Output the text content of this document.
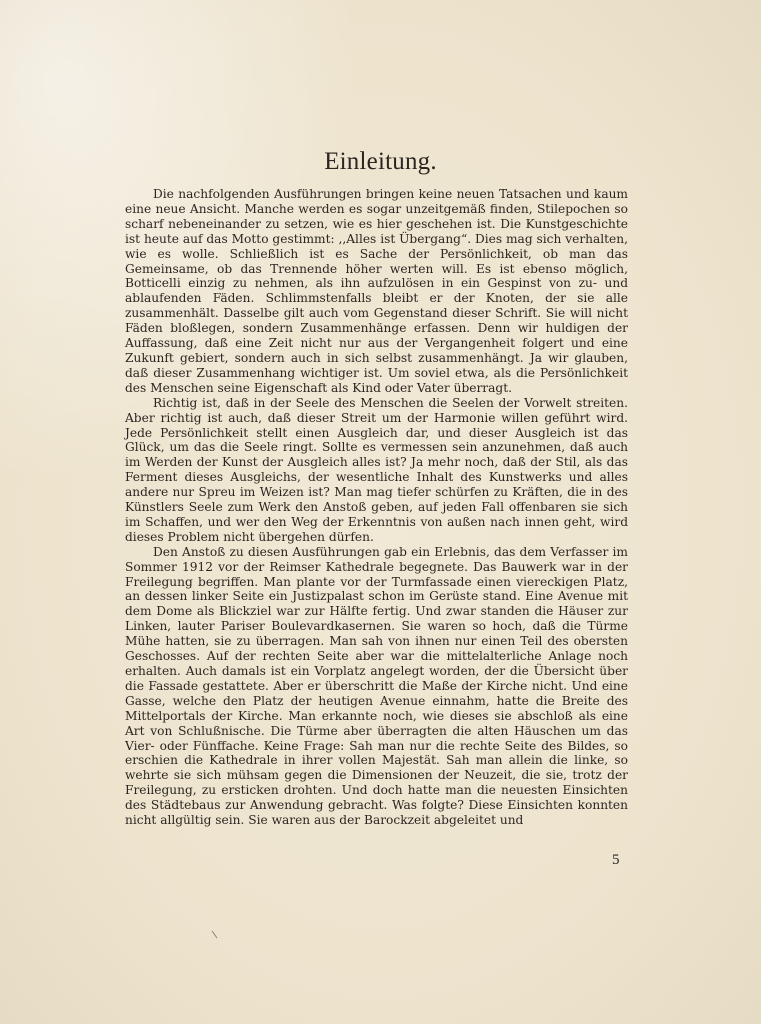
Einleitung.

Die nachfolgenden Ausführungen bringen keine neuen Tatsachen und kaum eine neue Ansicht. Manche werden es sogar unzeitgemäß finden, Stilepochen so scharf nebeneinander zu setzen, wie es hier geschehen ist. Die Kunstgeschichte ist heute auf das Motto gestimmt: ,,Alles ist Übergang“. Dies mag sich verhalten, wie es wolle. Schließlich ist es Sache der Persönlichkeit, ob man das Gemeinsame, ob das Trennende höher werten will. Es ist ebenso möglich, Botticelli einzig zu nehmen, als ihn aufzulösen in ein Gespinst von zu- und ablaufenden Fäden. Schlimmstenfalls bleibt er der Knoten, der sie alle zusammenhält. Dasselbe gilt auch vom Gegenstand dieser Schrift. Sie will nicht Fäden bloßlegen, sondern Zusammenhänge erfassen. Denn wir huldigen der Auffassung, daß eine Zeit nicht nur aus der Vergangenheit folgert und eine Zukunft gebiert, sondern auch in sich selbst zusammenhängt. Ja wir glauben, daß dieser Zusammenhang wichtiger ist. Um soviel etwa, als die Persönlichkeit des Menschen seine Eigenschaft als Kind oder Vater überragt.

Richtig ist, daß in der Seele des Menschen die Seelen der Vorwelt streiten. Aber richtig ist auch, daß dieser Streit um der Harmonie willen geführt wird. Jede Persönlichkeit stellt einen Ausgleich dar, und dieser Ausgleich ist das Glück, um das die Seele ringt. Sollte es vermessen sein anzunehmen, daß auch im Werden der Kunst der Ausgleich alles ist? Ja mehr noch, daß der Stil, als das Ferment dieses Ausgleichs, der wesentliche Inhalt des Kunstwerks und alles andere nur Spreu im Weizen ist? Man mag tiefer schürfen zu Kräften, die in des Künstlers Seele zum Werk den Anstoß geben, auf jeden Fall offenbaren sie sich im Schaffen, und wer den Weg der Erkenntnis von außen nach innen geht, wird dieses Problem nicht übergehen dürfen.

Den Anstoß zu diesen Ausführungen gab ein Erlebnis, das dem Verfasser im Sommer 1912 vor der Reimser Kathedrale begegnete. Das Bauwerk war in der Freilegung begriffen. Man plante vor der Turmfassade einen viereckigen Platz, an dessen linker Seite ein Justizpalast schon im Gerüste stand. Eine Avenue mit dem Dome als Blickziel war zur Hälfte fertig. Und zwar standen die Häuser zur Linken, lauter Pariser Boulevardkasernen. Sie waren so hoch, daß die Türme Mühe hatten, sie zu überragen. Man sah von ihnen nur einen Teil des obersten Geschosses. Auf der rechten Seite aber war die mittelalterliche Anlage noch erhalten. Auch damals ist ein Vorplatz angelegt worden, der die Übersicht über die Fassade gestattete. Aber er überschritt die Maße der Kirche nicht. Und eine Gasse, welche den Platz der heutigen Avenue einnahm, hatte die Breite des Mittelportals der Kirche. Man erkannte noch, wie dieses sie abschloß als eine Art von Schlußnische. Die Türme aber überragten die alten Häuschen um das Vier- oder Fünffache. Keine Frage: Sah man nur die rechte Seite des Bildes, so erschien die Kathedrale in ihrer vollen Majestät. Sah man allein die linke, so wehrte sie sich mühsam gegen die Dimensionen der Neuzeit, die sie, trotz der Freilegung, zu ersticken drohten. Und doch hatte man die neuesten Einsichten des Städtebaus zur Anwendung gebracht. Was folgte? Diese Einsichten konnten nicht allgültig sein. Sie waren aus der Barockzeit abgeleitet und

5
